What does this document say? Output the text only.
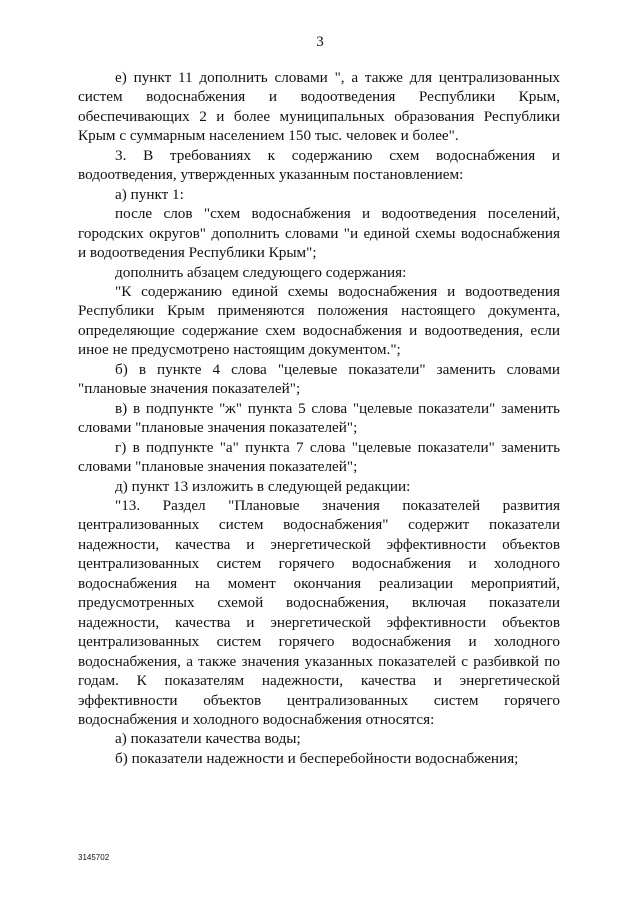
3

е) пункт 11 дополнить словами ", а также для централизованных систем водоснабжения и водоотведения Республики Крым, обеспечивающих 2 и более муниципальных образования Республики Крым с суммарным населением 150 тыс. человек и более".

3. В требованиях к содержанию схем водоснабжения и водоотведения, утвержденных указанным постановлением:

а) пункт 1:

после слов "схем водоснабжения и водоотведения поселений, городских округов" дополнить словами "и единой схемы водоснабжения и водоотведения Республики Крым";

дополнить абзацем следующего содержания:

"К содержанию единой схемы водоснабжения и водоотведения Республики Крым применяются положения настоящего документа, определяющие содержание схем водоснабжения и водоотведения, если иное не предусмотрено настоящим документом.";

б) в пункте 4 слова "целевые показатели" заменить словами "плановые значения показателей";

в) в подпункте "ж" пункта 5 слова "целевые показатели" заменить словами "плановые значения показателей";

г) в подпункте "а" пункта 7 слова "целевые показатели" заменить словами "плановые значения показателей";

д) пункт 13 изложить в следующей редакции:

"13. Раздел "Плановые значения показателей развития централизованных систем водоснабжения" содержит показатели надежности, качества и энергетической эффективности объектов централизованных систем горячего водоснабжения и холодного водоснабжения на момент окончания реализации мероприятий, предусмотренных схемой водоснабжения, включая показатели надежности, качества и энергетической эффективности объектов централизованных систем горячего водоснабжения и холодного водоснабжения, а также значения указанных показателей с разбивкой по годам. К показателям надежности, качества и энергетической эффективности объектов централизованных систем горячего водоснабжения и холодного водоснабжения относятся:

а) показатели качества воды;

б) показатели надежности и бесперебойности водоснабжения;

3145702
